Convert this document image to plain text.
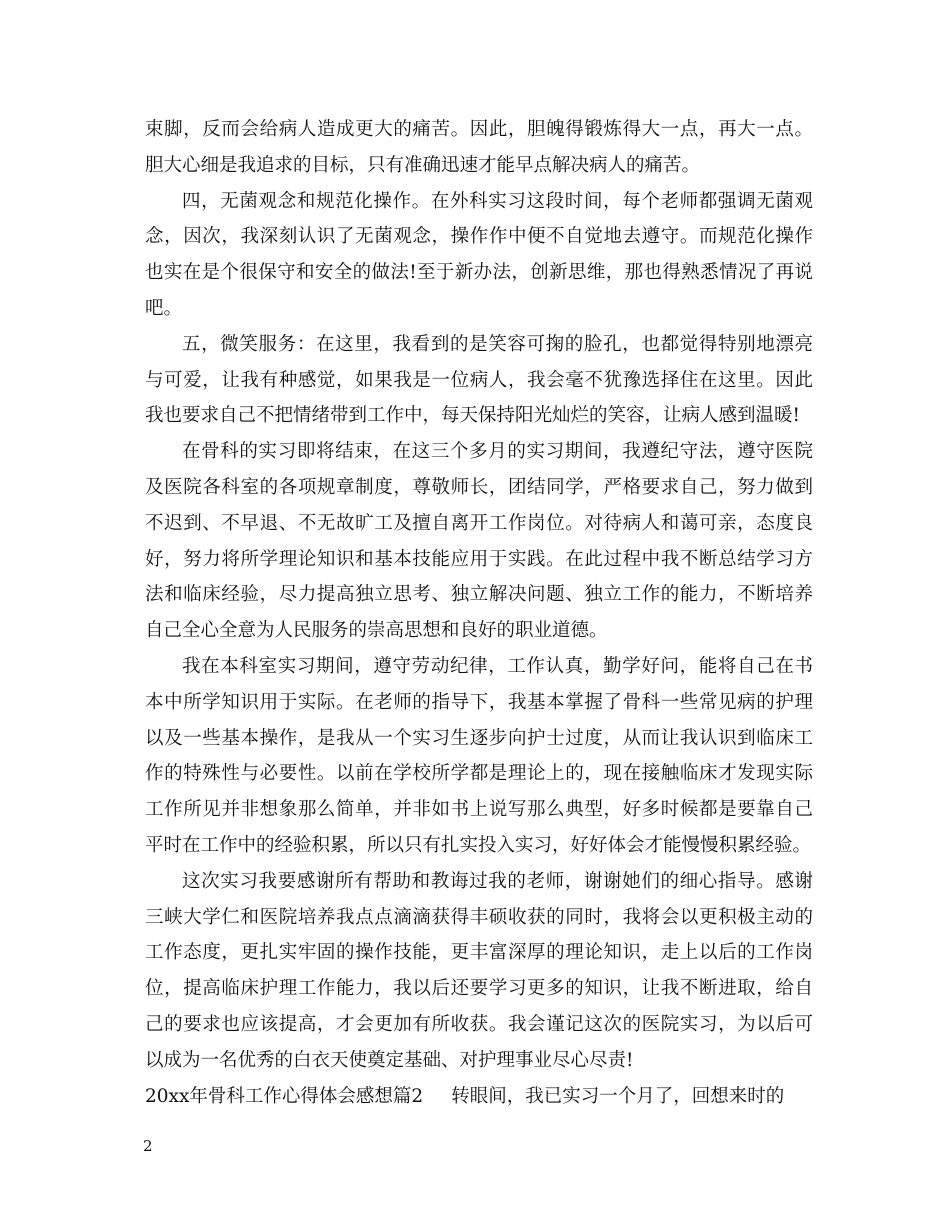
束脚，反而会给病人造成更大的痛苦。因此，胆魄得锻炼得大一点，再大一点。
胆大心细是我追求的目标，只有准确迅速才能早点解决病人的痛苦。
四，无菌观念和规范化操作。在外科实习这段时间，每个老师都强调无菌观
念，因次，我深刻认识了无菌观念，操作作中便不自觉地去遵守。而规范化操作
也实在是个很保守和安全的做法!至于新办法，创新思维，那也得熟悉情况了再说
吧。
五，微笑服务：在这里，我看到的是笑容可掬的脸孔，也都觉得特别地漂亮
与可爱，让我有种感觉，如果我是一位病人，我会毫不犹豫选择住在这里。因此
我也要求自己不把情绪带到工作中，每天保持阳光灿烂的笑容，让病人感到温暖!
在骨科的实习即将结束，在这三个多月的实习期间，我遵纪守法，遵守医院
及医院各科室的各项规章制度，尊敬师长，团结同学，严格要求自己，努力做到
不迟到、不早退、不无故旷工及擅自离开工作岗位。对待病人和蔼可亲，态度良
好，努力将所学理论知识和基本技能应用于实践。在此过程中我不断总结学习方
法和临床经验，尽力提高独立思考、独立解决问题、独立工作的能力，不断培养
自己全心全意为人民服务的崇高思想和良好的职业道德。
我在本科室实习期间，遵守劳动纪律，工作认真，勤学好问，能将自己在书
本中所学知识用于实际。在老师的指导下，我基本掌握了骨科一些常见病的护理
以及一些基本操作，是我从一个实习生逐步向护士过度，从而让我认识到临床工
作的特殊性与必要性。以前在学校所学都是理论上的，现在接触临床才发现实际
工作所见并非想象那么简单，并非如书上说写那么典型，好多时候都是要靠自己
平时在工作中的经验积累，所以只有扎实投入实习，好好体会才能慢慢积累经验。
这次实习我要感谢所有帮助和教诲过我的老师，谢谢她们的细心指导。感谢
三峡大学仁和医院培养我点点滴滴获得丰硕收获的同时，我将会以更积极主动的
工作态度，更扎实牢固的操作技能，更丰富深厚的理论知识，走上以后的工作岗
位，提高临床护理工作能力，我以后还要学习更多的知识，让我不断进取，给自
己的要求也应该提高，才会更加有所收获。我会谨记这次的医院实习，为以后可
以成为一名优秀的白衣天使奠定基础、对护理事业尽心尽责!
20xx年骨科工作心得体会感想篇2 转眼间，我已实习一个月了，回想来时的
2
